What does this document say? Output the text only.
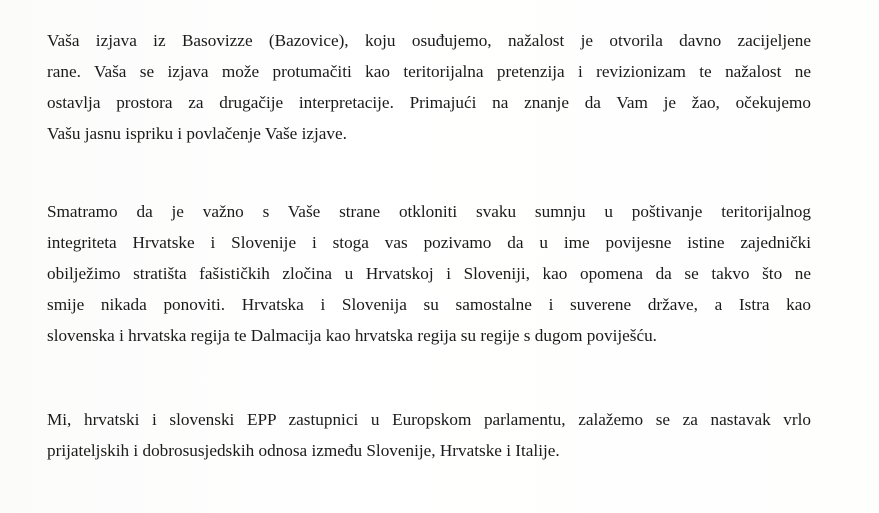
Vaša izjava iz Basovizze (Bazovice), koju osuđujemo, nažalost je otvorila davno zacijeljene
rane. Vaša se izjava može protumačiti kao teritorijalna pretenzija i revizionizam te nažalost ne
ostavlja prostora za drugačije interpretacije. Primajući na znanje da Vam je žao, očekujemo
Vašu jasnu ispriku i povlačenje Vaše izjave.
Smatramo da je važno s Vaše strane otkloniti svaku sumnju u poštivanje teritorijalnog
integriteta Hrvatske i Slovenije i stoga vas pozivamo da u ime povijesne istine zajednički
obilježimo stratišta fašističkih zločina u Hrvatskoj i Sloveniji, kao opomena da se takvo što ne
smije nikada ponoviti. Hrvatska i Slovenija su samostalne i suverene države, a Istra kao
slovenska i hrvatska regija te Dalmacija kao hrvatska regija su regije s dugom poviješću.
Mi, hrvatski i slovenski EPP zastupnici u Europskom parlamentu, zalažemo se za nastavak vrlo
prijateljskih i dobrosusjedskih odnosa između Slovenije, Hrvatske i Italije.
